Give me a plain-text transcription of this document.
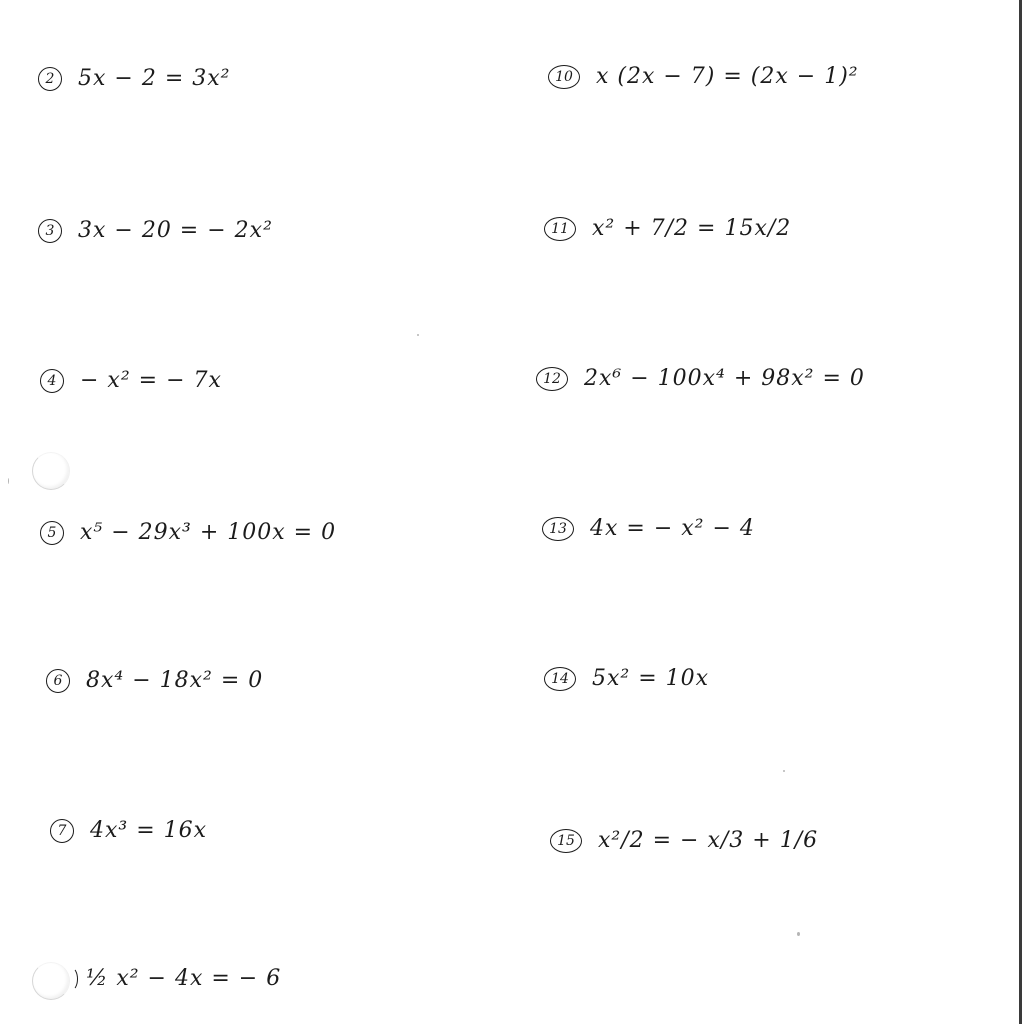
2	5x − 2 = 3x²
3	3x − 20 = − 2x²
4	− x² = − 7x
5	x⁵ − 29x³ + 100x = 0
6	8x⁴ − 18x² = 0
7	4x³ = 16x
½ x² − 4x = − 6
10	x (2x − 7) = (2x − 1)²
11	x² + 7/2 = 15x/2
12	2x⁶ − 100x⁴ + 98x² = 0
13	4x = − x² − 4
14	5x² = 10x
15	x²/2 = − x/3 + 1/6
